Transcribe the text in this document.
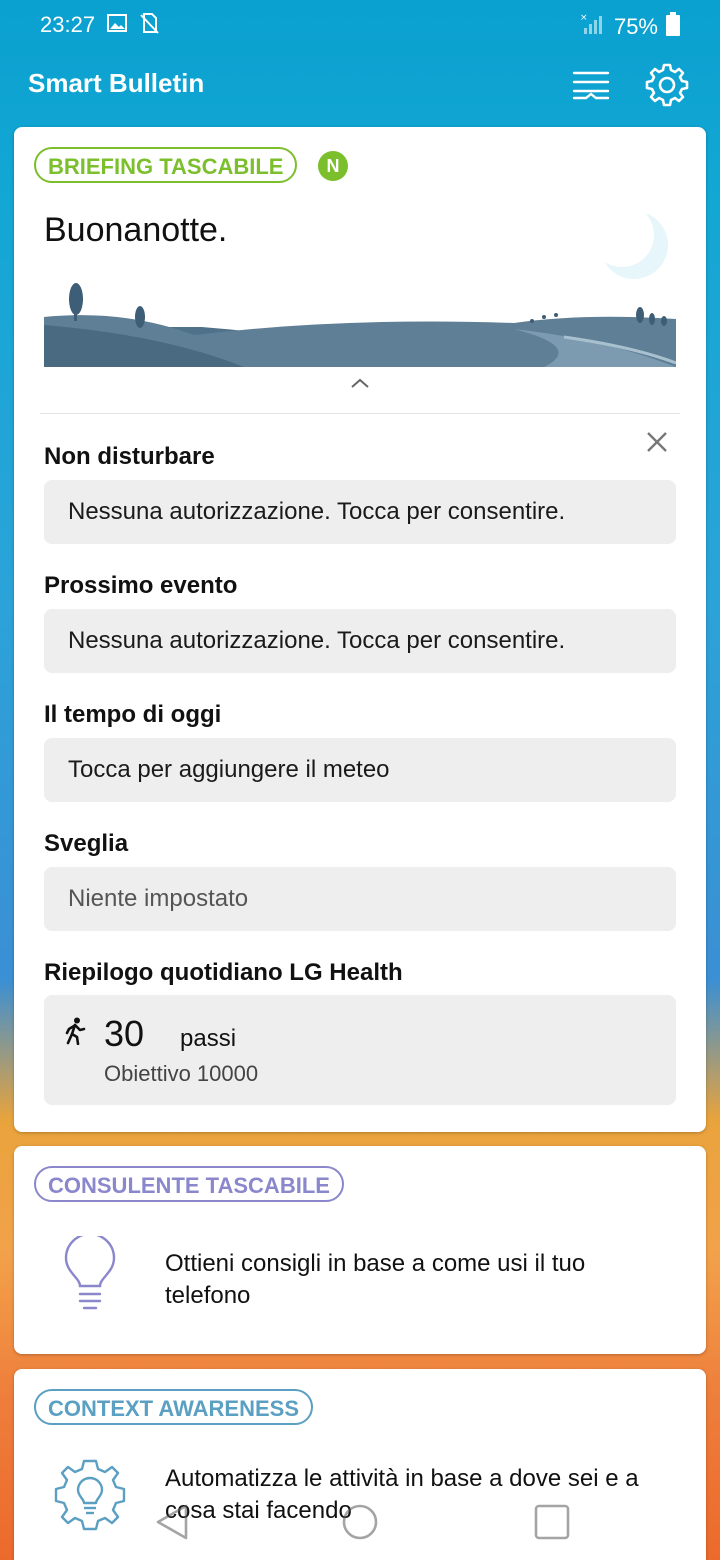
23:27	× 75%
Smart Bulletin
BRIEFING TASCABILE	N
Buonanotte.
Non disturbare
Nessuna autorizzazione. Tocca per consentire.
Prossimo evento
Nessuna autorizzazione. Tocca per consentire.
Il tempo di oggi
Tocca per aggiungere il meteo
Sveglia
Niente impostato
Riepilogo quotidiano LG Health
30 passi
Obiettivo 10000
CONSULENTE TASCABILE
Ottieni consigli in base a come usi il tuo telefono
CONTEXT AWARENESS
Automatizza le attività in base a dove sei e a cosa stai facendo
